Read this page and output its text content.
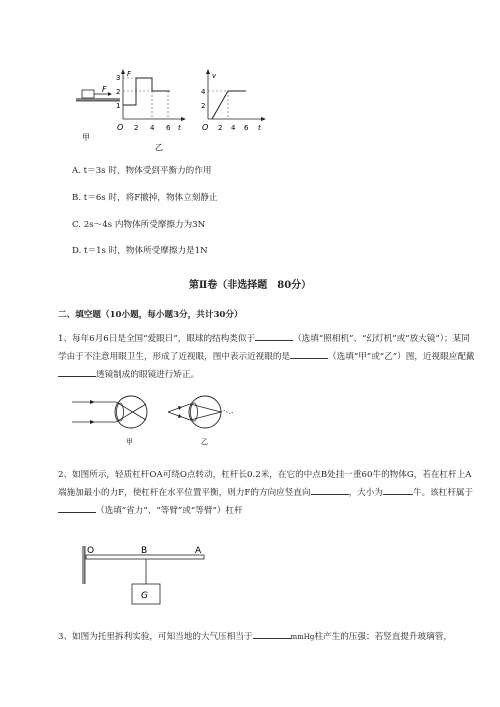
F
甲
F
3
2
1
O 2 4 6 t
乙
v
4
2
O 2 4 6 t
A. t＝3s 时，物体受到平衡力的作用
B. t＝6s 时，将F撤掉，物体立刻静止
C. 2s～4s 内物体所受摩擦力为3N
D. t＝1s 时，物体所受摩擦力是1N
第Ⅱ卷（非选择题　80分）
二、填空题（10小题，每小题3分，共计30分）
1、每年6月6日是全国“爱眼日”，眼球的结构类似于	（选填“照相机”、“幻灯机”或“放大镜”）；某同学由于不注意用眼卫生，形成了近视眼，图中表示近视眼的是	（选填“甲”或“乙”）图，近视眼应配戴透镜制成的眼镜进行矫正。
甲	乙
2、如图所示，轻质杠杆OA可绕O点转动，杠杆长0.2米，在它的中点B处挂一重60牛的物体G，若在杠杆上A端施加最小的力F，使杠杆在水平位置平衡，则力F的方向应竖直向	，大小为	牛。该杠杆属于（选填“省力”、“等臂”或“等臂”）杠杆
O	B	A
G
3、如图为托里拆利实验，可知当地的大气压相当于	mmHg柱产生的压强；若竖直提升玻璃管，
